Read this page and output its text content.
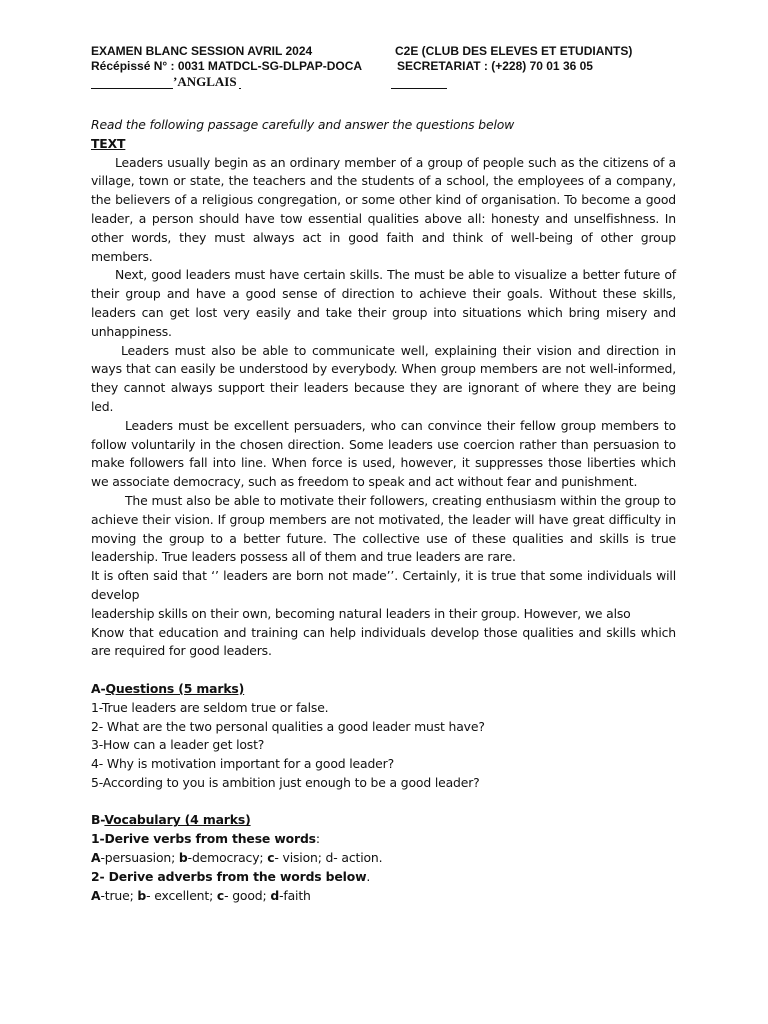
EXAMEN BLANC SESSION AVRIL 2024	C2E (CLUB DES ELEVES ET ETUDIANTS)
Récépissé N° : 0031 MATDCL-SG-DLPAP-DOCA	SECRETARIAT : (+228) 70 01 36 05
’ANGLAIS

Read the following passage carefully and answer the questions below

TEXT

Leaders usually begin as an ordinary member of a group of people such as the citizens of a village, town or state, the teachers and the students of a school, the employees of a company, the believers of a religious congregation, or some other kind of organisation. To become a good leader, a person should have tow essential qualities above all: honesty and unselfishness. In other words, they must always act in good faith and think of well-being of other group members.

Next, good leaders must have certain skills. The must be able to visualize a better future of their group and have a good sense of direction to achieve their goals. Without these skills, leaders can get lost very easily and take their group into situations which bring misery and unhappiness.

Leaders must also be able to communicate well, explaining their vision and direction in ways that can easily be understood by everybody. When group members are not well-informed, they cannot always support their leaders because they are ignorant of where they are being led.

Leaders must be excellent persuaders, who can convince their fellow group members to follow voluntarily in the chosen direction. Some leaders use coercion rather than persuasion to make followers fall into line. When force is used, however, it suppresses those liberties which we associate democracy, such as freedom to speak and act without fear and punishment.

The must also be able to motivate their followers, creating enthusiasm within the group to achieve their vision. If group members are not motivated, the leader will have great difficulty in moving the group to a better future. The collective use of these qualities and skills is true leadership. True leaders possess all of them and true leaders are rare.

It is often said that ‘’ leaders are born not made’’. Certainly, it is true that some individuals will develop

leadership skills on their own, becoming natural leaders in their group. However, we also

Know that education and training can help individuals develop those qualities and skills which are required for good leaders.

A-Questions (5 marks)

1-True leaders are seldom true or false.

2- What are the two personal qualities a good leader must have?

3-How can a leader get lost?

4- Why is motivation important for a good leader?

5-According to you is ambition just enough to be a good leader?

B-Vocabulary (4 marks)

1-Derive verbs from these words:

A-persuasion; b-democracy; c- vision; d- action.

2- Derive adverbs from the words below.

A-true; b- excellent; c- good; d-faith
